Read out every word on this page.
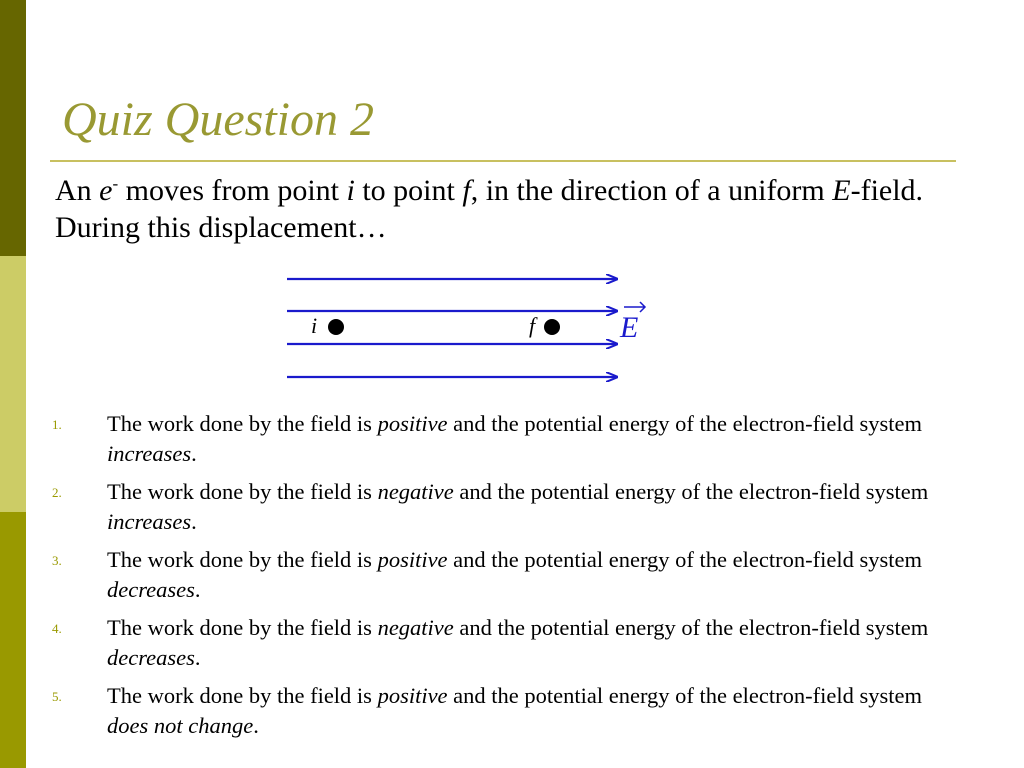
Quiz Question 2
An e- moves from point i to point f, in the direction of a uniform E-field. During this displacement…
i	f	E
1.	The work done by the field is positive and the potential energy of the electron-field system increases.
2.	The work done by the field is negative and the potential energy of the electron-field system increases.
3.	The work done by the field is positive and the potential energy of the electron-field system decreases.
4.	The work done by the field is negative and the potential energy of the electron-field system decreases.
5.	The work done by the field is positive and the potential energy of the electron-field system does not change.
